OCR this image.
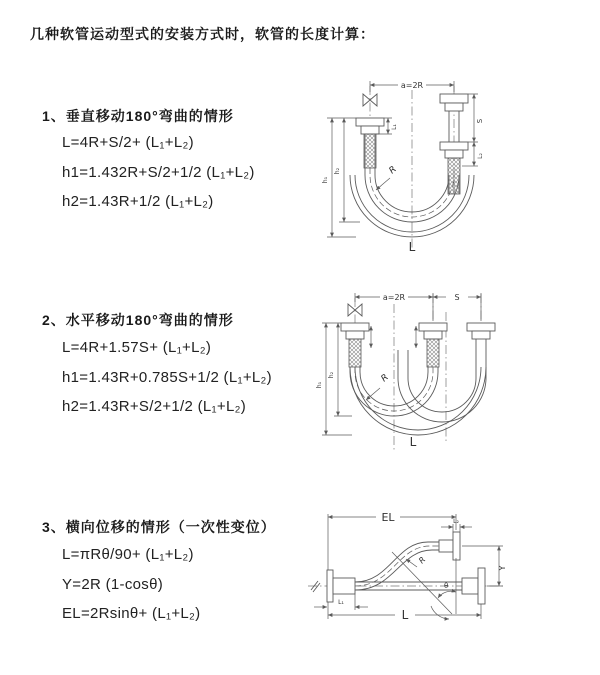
几种软管运动型式的安装方式时，软管的长度计算：
1、垂直移动180°弯曲的情形
L=4R+S/2+ (L₁+L₂)
h1=1.432R+S/2+1/2 (L₁+L₂)
h2=1.43R+1/2 (L₁+L₂)
2、水平移动180°弯曲的情形
L=4R+1.57S+ (L₁+L₂)
h1=1.43R+0.785S+1/2 (L₁+L₂)
h2=1.43R+S/2+1/2 (L₁+L₂)
3、横向位移的情形（一次性变位）
L=πRθ/90+ (L₁+L₂)
Y=2R (1-cosθ)
EL=2Rsinθ+ (L₁+L₂)
a=2R
S
L₂
L₁
h₁
h₂	R
L
a=2R	S
h₁
h₂	R
L
θ
R
EL	L₂
Y
L
L₁
